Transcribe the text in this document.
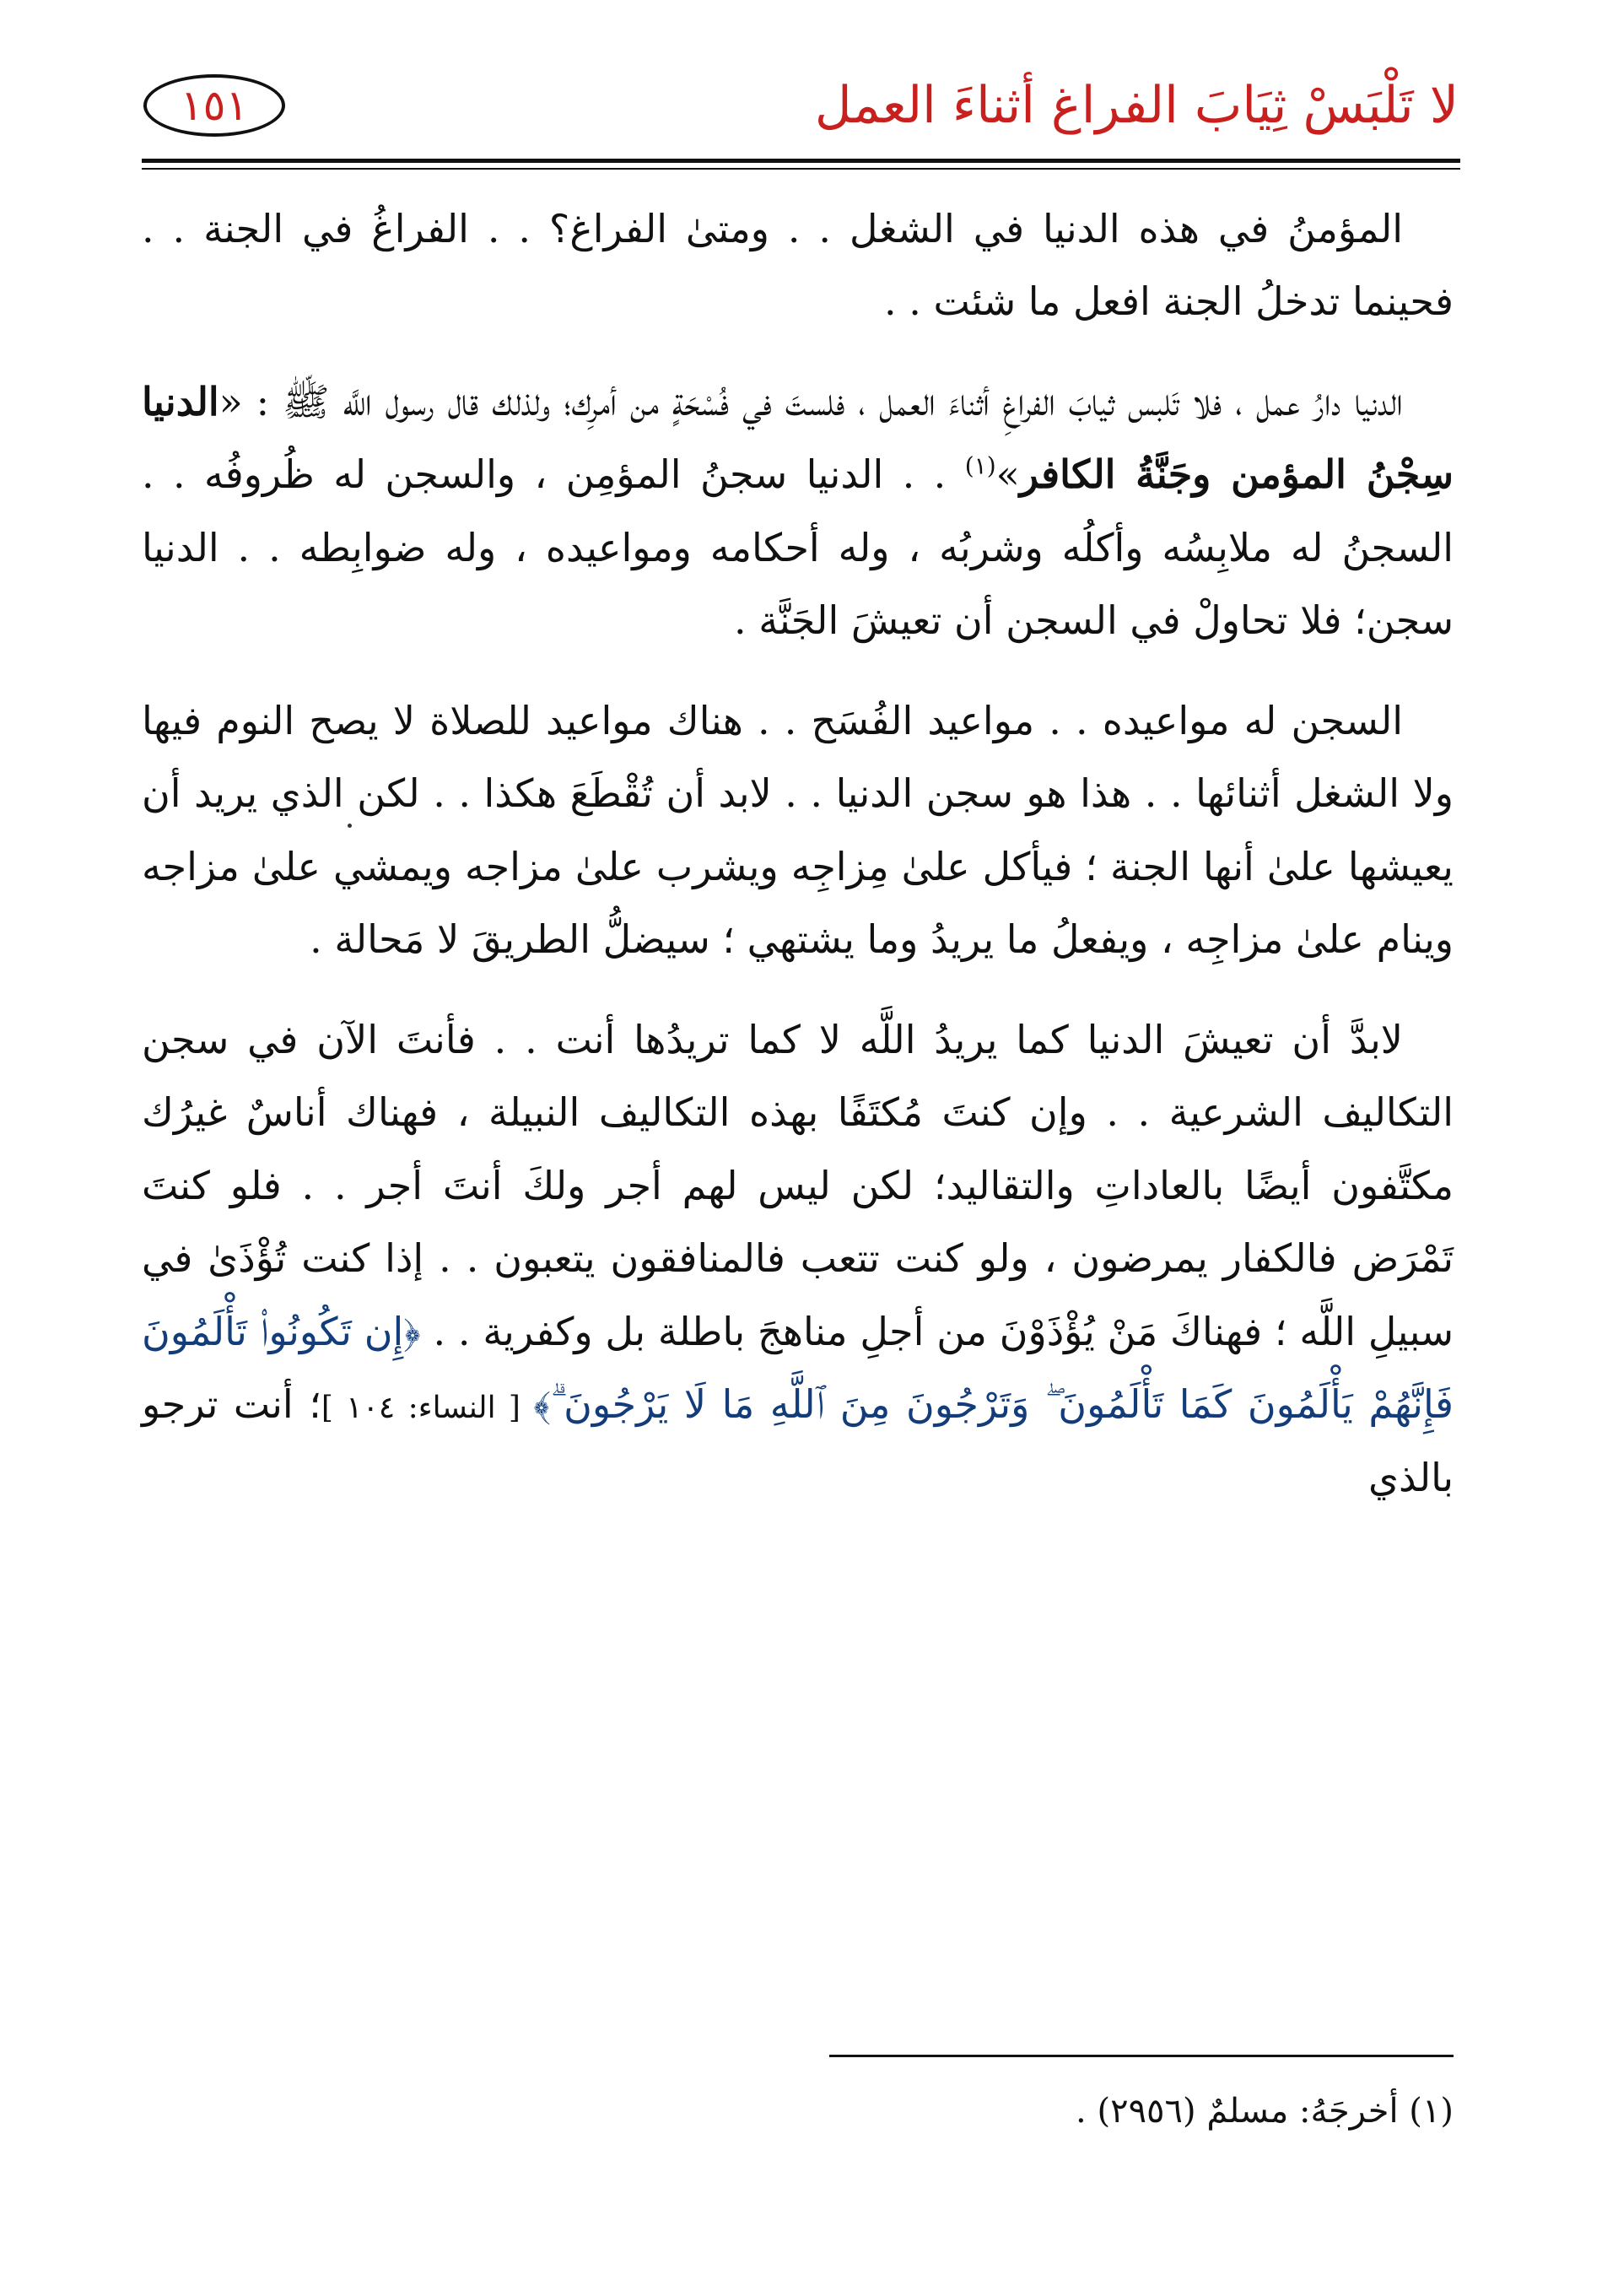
لا تَلْبَسْ ثِيَابَ الفراغ أثناءَ العمل
١٥١

المؤمنُ في هذه الدنيا في الشغل . . ومتىٰ الفراغ؟ . . الفراغُ في الجنة . . فحينما تدخلُ الجنة افعل ما شئت . .

الدنيا دارُ عمل ، فلا تَلبس ثيابَ الفراغِ أثناءَ العمل ، فلستَ في فُسْحَةٍ من أمرِك؛ ولذلك قال رسول اللَّه ﷺ : «الدنيا سِجْنُ المؤمن وجَنَّةُ الكافر»$^{(١)}$ . . الدنيا سجنُ المؤمِن ، والسجن له ظُروفُه . . السجنُ له ملابِسُه وأكلُه وشربُه ، وله أحكامه ومواعيده ، وله ضوابِطه . . الدنيا سجن؛ فلا تحاولْ في السجن أن تعيشَ الجَنَّة .

السجن له مواعيده . . مواعيد الفُسَح . . هناك مواعيد للصلاة لا يصح النوم فيها ولا الشغل أثنائها . . هذا هو سجن الدنيا . . لابد أن تُقْطَعَ هكذا . . لكن الذي يريد أن يعيشها علىٰ أنها الجنة ؛ فيأكل علىٰ مِزاجِه ويشرب علىٰ مزاجه ويمشي علىٰ مزاجه وينام علىٰ مزاجِه ، ويفعلُ ما يريدُ وما يشتهي ؛ سيضلُّ الطريقَ لا مَحالة .

لابدَّ أن تعيشَ الدنيا كما يريدُ اللَّه لا كما تريدُها أنت . . فأنتَ الآن في سجن التكاليف الشرعية . . وإن كنتَ مُكتَفًا بهذه التكاليف النبيلة ، فهناك أناسٌ غيرُك مكتَّفون أيضًا بالعاداتِ والتقاليد؛ لكن ليس لهم أجر ولكَ أنتَ أجر . . فلو كنتَ تَمْرَض فالكفار يمرضون ، ولو كنت تتعب فالمنافقون يتعبون . . إذا كنت تُؤْذَىٰ في سبيلِ اللَّه ؛ فهناكَ مَنْ يُؤْذَوْنَ من أجلِ مناهجَ باطلة بل وكفرية . . ﴿إِن تَكُونُوا۟ تَأْلَمُونَ فَإِنَّهُمْ يَأْلَمُونَ كَمَا تَأْلَمُونَ ۖ وَتَرْجُونَ مِنَ ٱللَّهِ مَا لَا يَرْجُونَ ۗ﴾ [ النساء: ١٠٤ ]؛ أنت ترجو بالذي

(١) أخرجَهُ: مسلمٌ (٢٩٥٦) .
